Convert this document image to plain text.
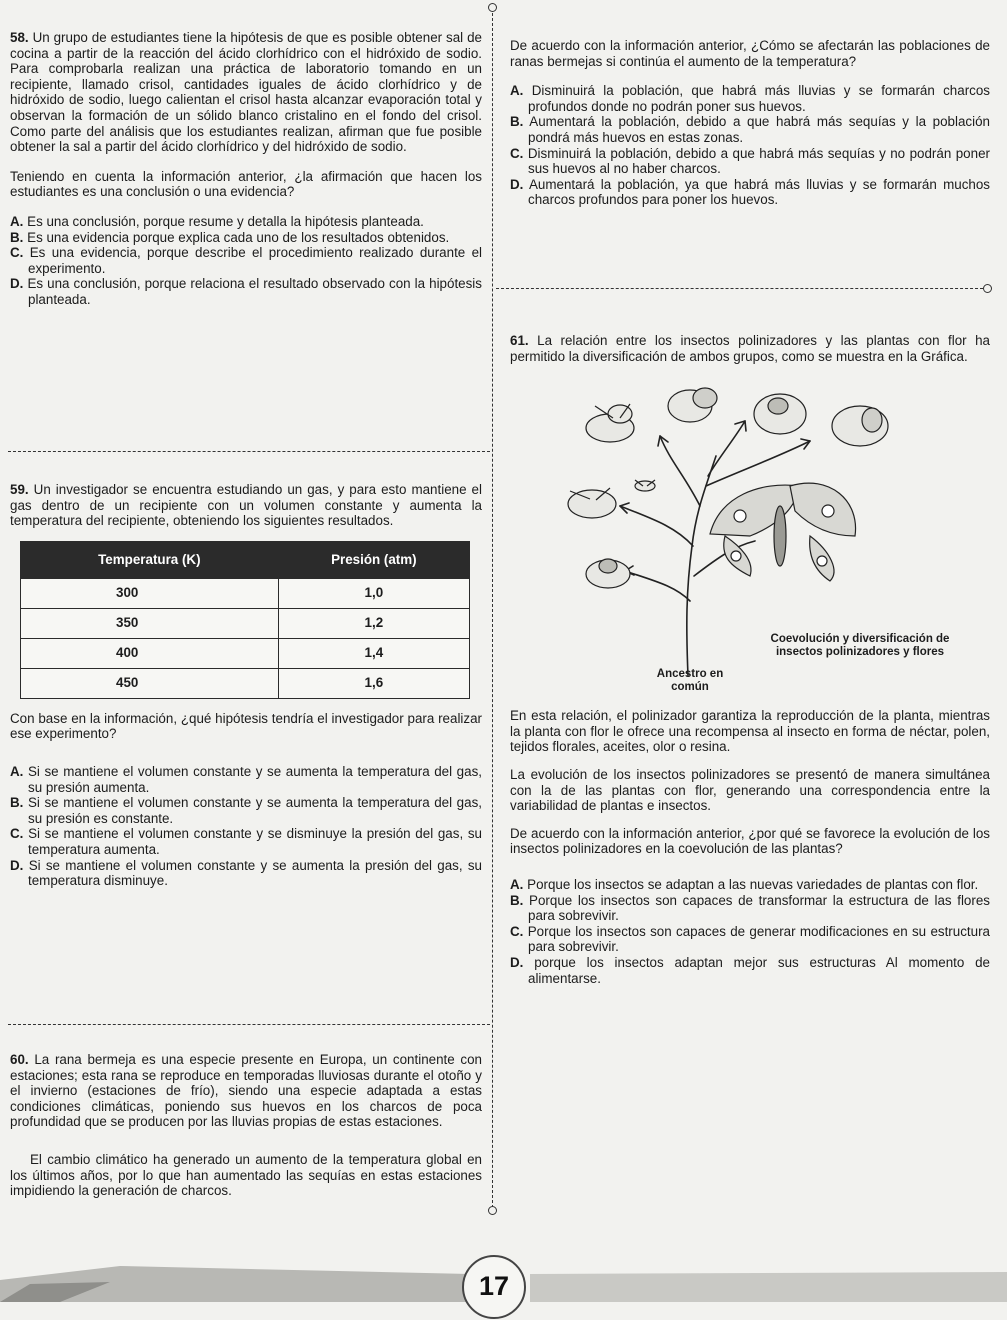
58. Un grupo de estudiantes tiene la hipótesis de que es posible obtener sal de cocina a partir de la reacción del ácido clorhídrico con el hidróxido de sodio. Para comprobarla realizan una práctica de laboratorio tomando en un recipiente, llamado crisol, cantidades iguales de ácido clorhídrico y de hidróxido de sodio, luego calientan el crisol hasta alcanzar evaporación total y observan la formación de un sólido blanco cristalino en el fondo del crisol. Como parte del análisis que los estudiantes realizan, afirman que fue posible obtener la sal a partir del ácido clorhídrico y del hidróxido de sodio.

Teniendo en cuenta la información anterior, ¿la afirmación que hacen los estudiantes es una conclusión o una evidencia?

A. Es una conclusión, porque resume y detalla la hipótesis planteada.

B. Es una evidencia porque explica cada uno de los resultados obtenidos.

C. Es una evidencia, porque describe el procedimiento realizado durante el experimento.

D. Es una conclusión, porque relaciona el resultado observado con la hipótesis planteada.

59. Un investigador se encuentra estudiando un gas, y para esto mantiene el gas dentro de un recipiente con un volumen constante y aumenta la temperatura del recipiente, obteniendo los siguientes resultados.

Temperatura (K)	Presión (atm)
300	1,0
350	1,2
400	1,4
450	1,6

Con base en la información, ¿qué hipótesis tendría el investigador para realizar ese experimento?

A. Si se mantiene el volumen constante y se aumenta la temperatura del gas, su presión aumenta.

B. Si se mantiene el volumen constante y se aumenta la temperatura del gas, su presión es constante.

C. Si se mantiene el volumen constante y se disminuye la presión del gas, su temperatura aumenta.

D. Si se mantiene el volumen constante y se aumenta la presión del gas, su temperatura disminuye.

60. La rana bermeja es una especie presente en Europa, un continente con estaciones; esta rana se reproduce en temporadas lluviosas durante el otoño y el invierno (estaciones de frío), siendo una especie adaptada a estas condiciones climáticas, poniendo sus huevos en los charcos de poca profundidad que se producen por las lluvias propias de estas estaciones.

El cambio climático ha generado un aumento de la temperatura global en los últimos años, por lo que han aumentado las sequías en estas estaciones impidiendo la generación de charcos.

De acuerdo con la información anterior, ¿Cómo se afectarán las poblaciones de ranas bermejas si continúa el aumento de la temperatura?

A. Disminuirá la población, que habrá más lluvias y se formarán charcos profundos donde no podrán poner sus huevos.

B. Aumentará la población, debido a que habrá más sequías y la población pondrá más huevos en estas zonas.

C. Disminuirá la población, debido a que habrá más sequías y no podrán poner sus huevos al no haber charcos.

D. Aumentará la población, ya que habrá más lluvias y se formarán muchos charcos profundos para poner los huevos.

61. La relación entre los insectos polinizadores y las plantas con flor ha permitido la diversificación de ambos grupos, como se muestra en la Gráfica.

Coevolución y diversificación de insectos polinizadores y flores
Ancestro en común

En esta relación, el polinizador garantiza la reproducción de la planta, mientras la planta con flor le ofrece una recompensa al insecto en forma de néctar, polen, tejidos florales, aceites, olor o resina.

La evolución de los insectos polinizadores se presentó de manera simultánea con la de las plantas con flor, generando una correspondencia entre la variabilidad de plantas e insectos.

De acuerdo con la información anterior, ¿por qué se favorece la evolución de los insectos polinizadores en la coevolución de las plantas?

A. Porque los insectos se adaptan a las nuevas variedades de plantas con flor.

B. Porque los insectos son capaces de transformar la estructura de las flores para sobrevivir.

C. Porque los insectos son capaces de generar modificaciones en su estructura para sobrevivir.

D. porque los insectos adaptan mejor sus estructuras Al momento de alimentarse.

17
